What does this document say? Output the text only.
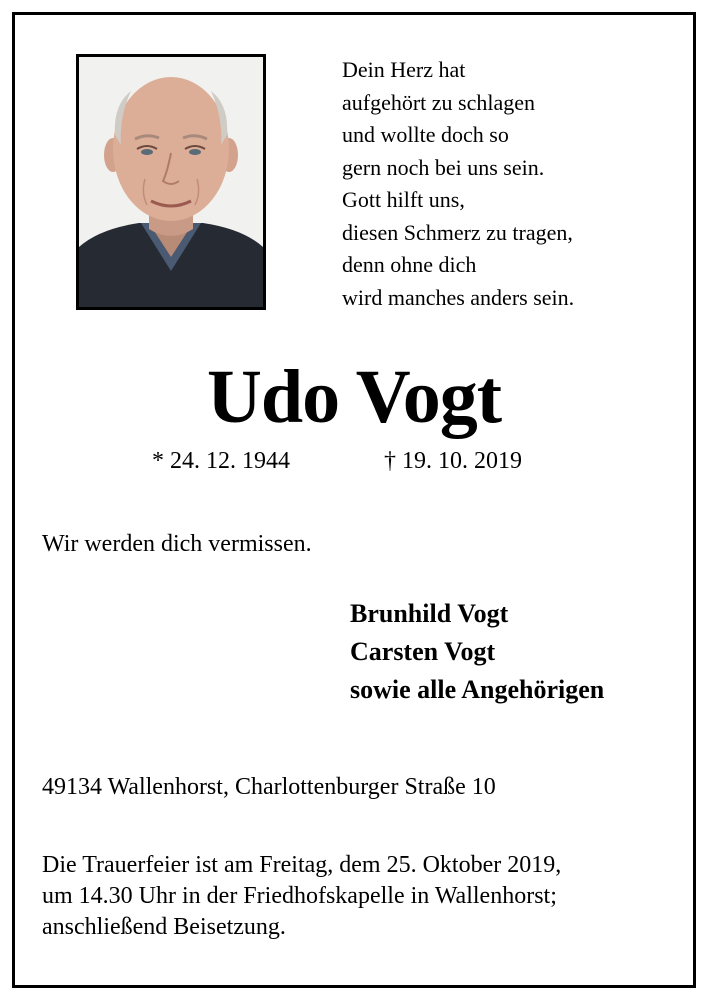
Dein Herz hat
aufgehört zu schlagen
und wollte doch so
gern noch bei uns sein.
Gott hilft uns,
diesen Schmerz zu tragen,
denn ohne dich
wird manches anders sein.
Udo Vogt
* 24. 12. 1944	† 19. 10. 2019
Wir werden dich vermissen.
Brunhild Vogt
Carsten Vogt
sowie alle Angehörigen
49134 Wallenhorst, Charlottenburger Straße 10
Die Trauerfeier ist am Freitag, dem 25. Oktober 2019,
um 14.30 Uhr in der Friedhofskapelle in Wallenhorst;
anschließend Beisetzung.
